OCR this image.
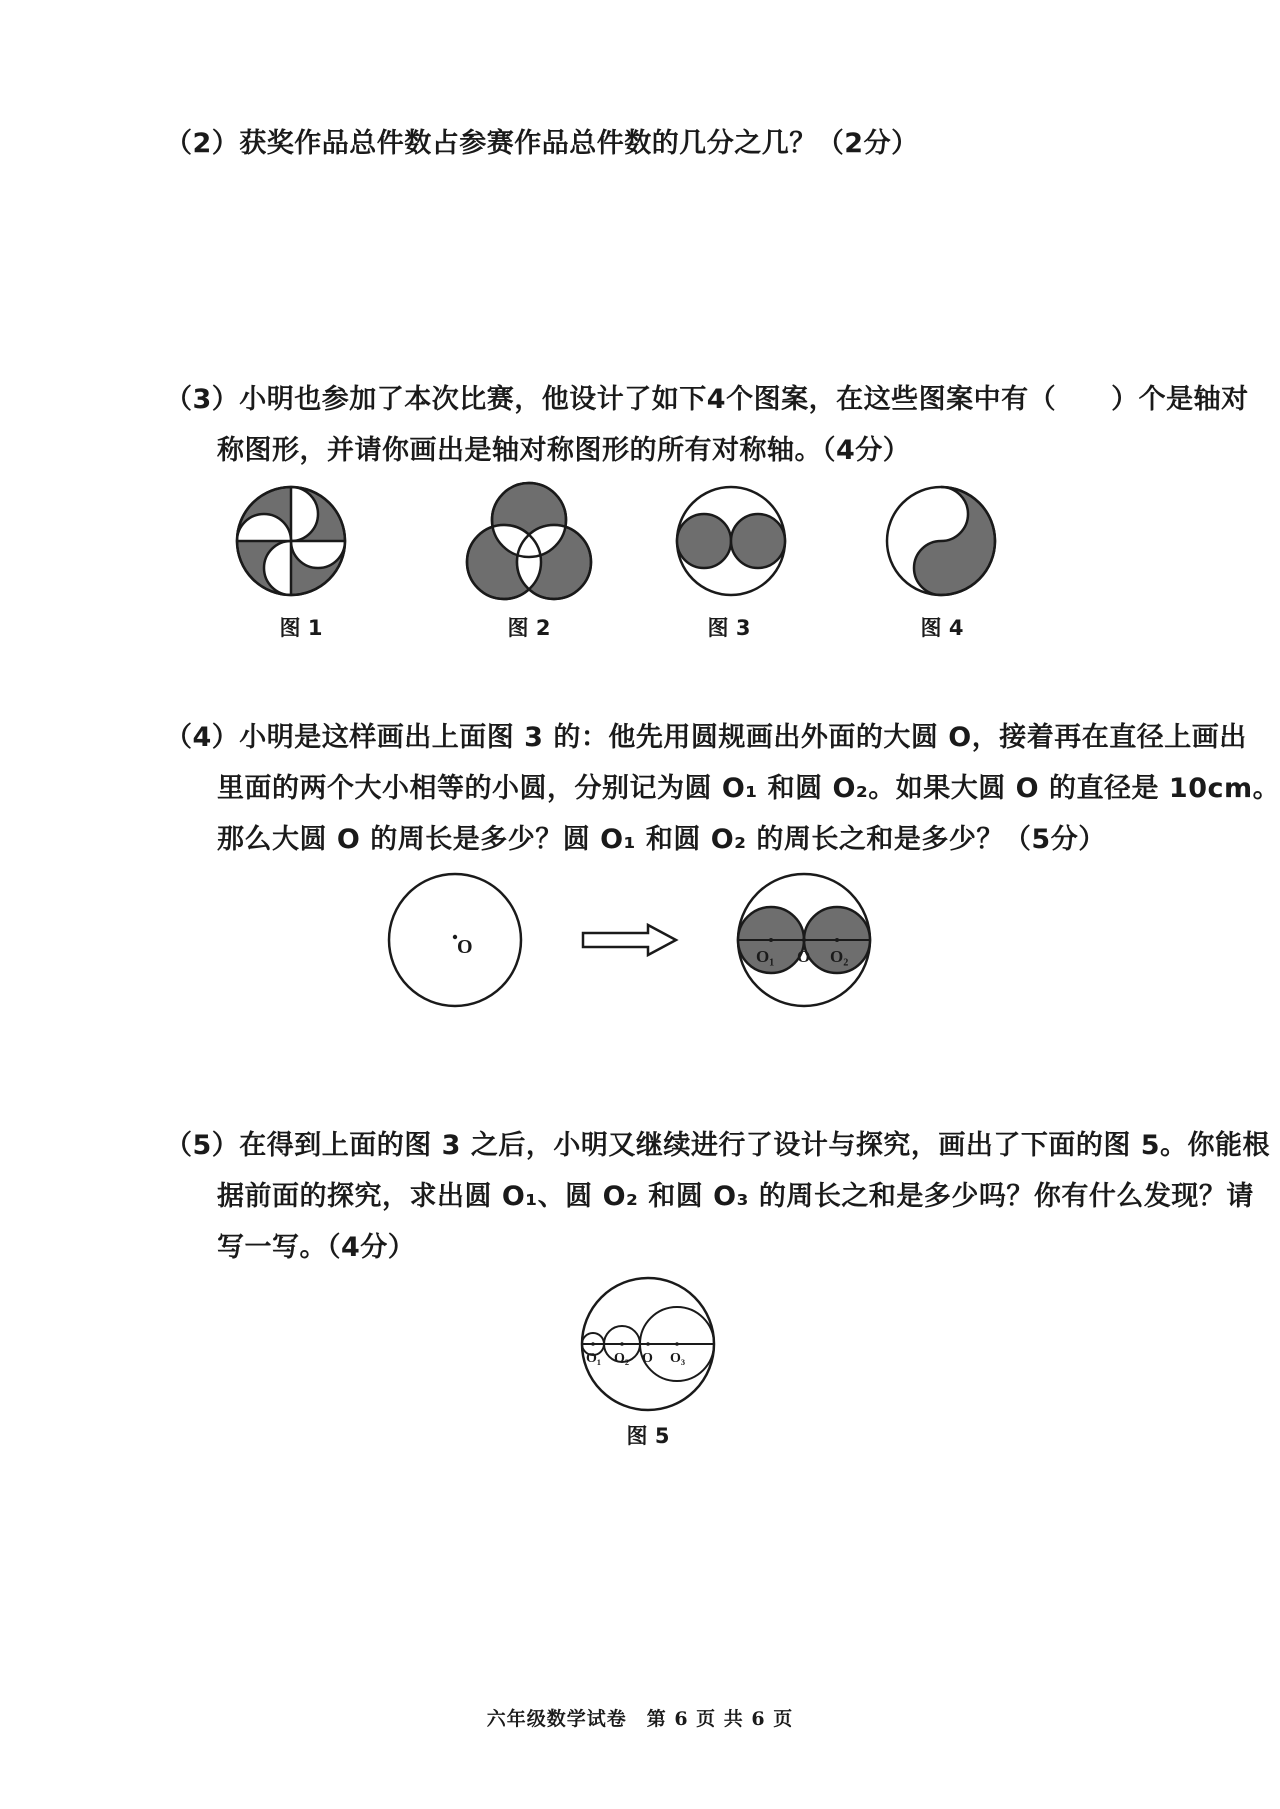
（2）获奖作品总件数占参赛作品总件数的几分之几？（2分）
（3）小明也参加了本次比赛，他设计了如下4个图案，在这些图案中有（　　）个是轴对
称图形，并请你画出是轴对称图形的所有对称轴。（4分）
图 1	图 2	图 3	图 4
（4）小明是这样画出上面图 3 的：他先用圆规画出外面的大圆 O，接着再在直径上画出
里面的两个大小相等的小圆，分别记为圆 O₁ 和圆 O₂。如果大圆 O 的直径是 10cm。
那么大圆 O 的周长是多少？圆 O₁ 和圆 O₂ 的周长之和是多少？（5分）
O	O₁ O O₂
（5）在得到上面的图 3 之后，小明又继续进行了设计与探究，画出了下面的图 5。你能根
据前面的探究，求出圆 O₁、圆 O₂ 和圆 O₃ 的周长之和是多少吗？你有什么发现？请
写一写。（4分）
O₁ O₂ O O₃
图 5
六年级数学试卷　第 6 页 共 6 页
